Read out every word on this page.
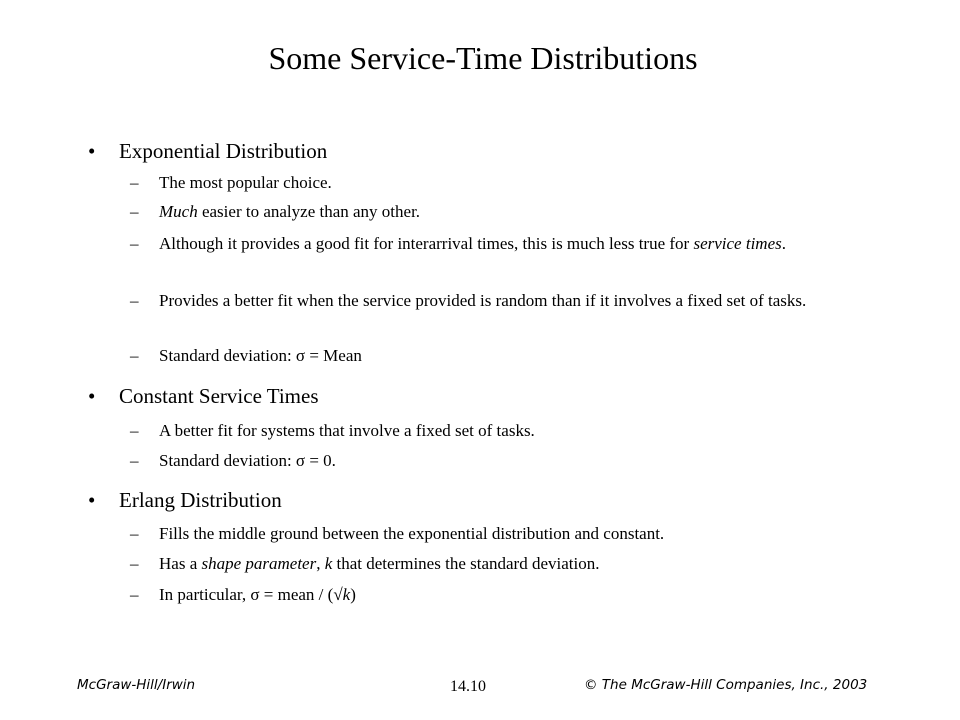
Some Service-Time Distributions
• Exponential Distribution
– The most popular choice.
– Much easier to analyze than any other.
– Although it provides a good fit for interarrival times, this is much less true for service times.
– Provides a better fit when the service provided is random than if it involves a fixed set of tasks.
– Standard deviation: σ = Mean
• Constant Service Times
– A better fit for systems that involve a fixed set of tasks.
– Standard deviation: σ = 0.
• Erlang Distribution
– Fills the middle ground between the exponential distribution and constant.
– Has a shape parameter, k that determines the standard deviation.
– In particular, σ = mean / (√k)
McGraw-Hill/Irwin	14.10	© The McGraw-Hill Companies, Inc., 2003
